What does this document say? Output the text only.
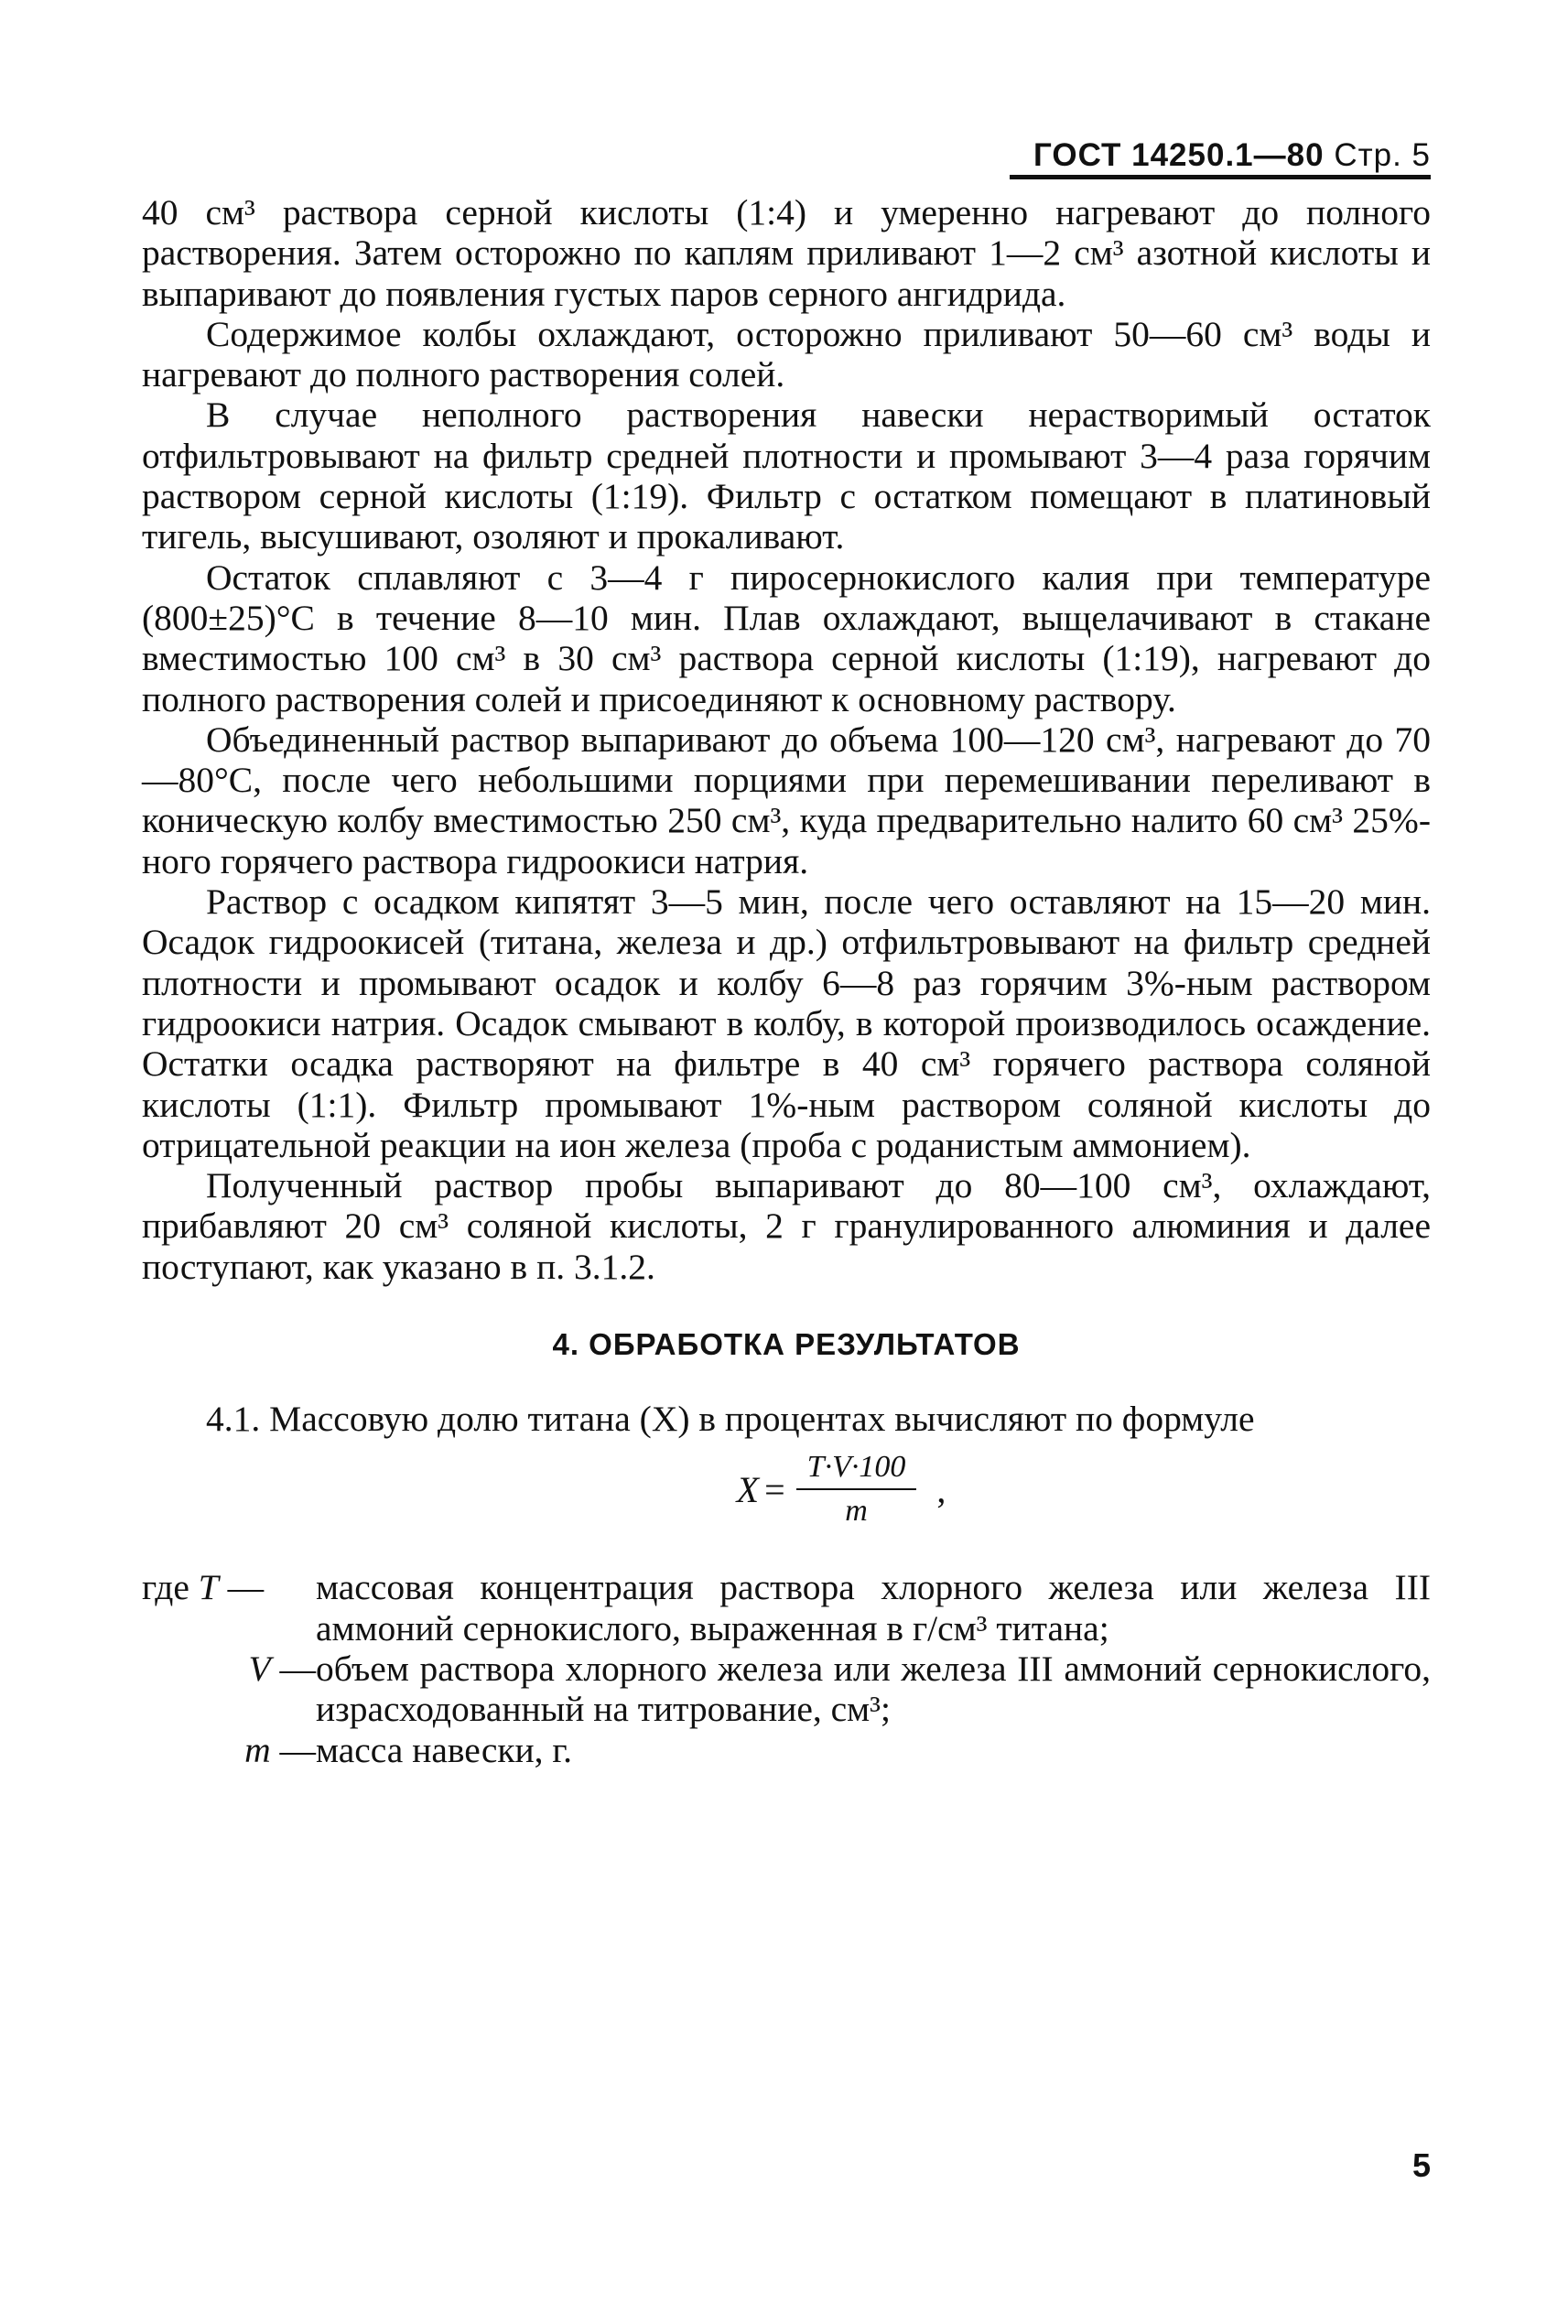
ГОСТ 14250.1—80 Стр. 5

40 см³ раствора серной кислоты (1:4) и умеренно нагревают до полного растворения. Затем осторожно по каплям приливают 1—2 см³ азотной кислоты и выпаривают до появления густых паров серного ангидрида.

Содержимое колбы охлаждают, осторожно приливают 50—60 см³ воды и нагревают до полного растворения солей.

В случае неполного растворения навески нерастворимый остаток отфильтровывают на фильтр средней плотности и промывают 3—4 раза горячим раствором серной кислоты (1:19). Фильтр с остатком помещают в платиновый тигель, высушивают, озоляют и прокаливают.

Остаток сплавляют с 3—4 г пиросернокислого калия при температуре (800±25)°С в течение 8—10 мин. Плав охлаждают, выщелачивают в стакане вместимостью 100 см³ в 30 см³ раствора серной кислоты (1:19), нагревают до полного растворения солей и присоединяют к основному раствору.

Объединенный раствор выпаривают до объема 100—120 см³, нагревают до 70—80°С, после чего небольшими порциями при перемешивании переливают в коническую колбу вместимостью 250 см³, куда предварительно налито 60 см³ 25%-ного горячего раствора гидроокиси натрия.

Раствор с осадком кипятят 3—5 мин, после чего оставляют на 15—20 мин. Осадок гидроокисей (титана, железа и др.) отфильтровывают на фильтр средней плотности и промывают осадок и колбу 6—8 раз горячим 3%-ным раствором гидроокиси натрия. Осадок смывают в колбу, в которой производилось осаждение. Остатки осадка растворяют на фильтре в 40 см³ горячего раствора соляной кислоты (1:1). Фильтр промывают 1%-ным раствором соляной кислоты до отрицательной реакции на ион железа (проба с роданистым аммонием).

Полученный раствор пробы выпаривают до 80—100 см³, охлаждают, прибавляют 20 см³ соляной кислоты, 2 г гранулированного алюминия и далее поступают, как указано в п. 3.1.2.

4. ОБРАБОТКА РЕЗУЛЬТАТОВ

4.1. Массовую долю титана (X) в процентах вычисляют по формуле

$X = \frac{T\cdot V\cdot 100}{m}$ ,
где T —	массовая концентрация раствора хлорного железа или железа III аммоний сернокислого, выраженная в г/см³ титана;
V — объем раствора хлорного железа или железа III аммоний сернокислого, израсходованный на титрование, см³;
m — масса навески, г.
5
